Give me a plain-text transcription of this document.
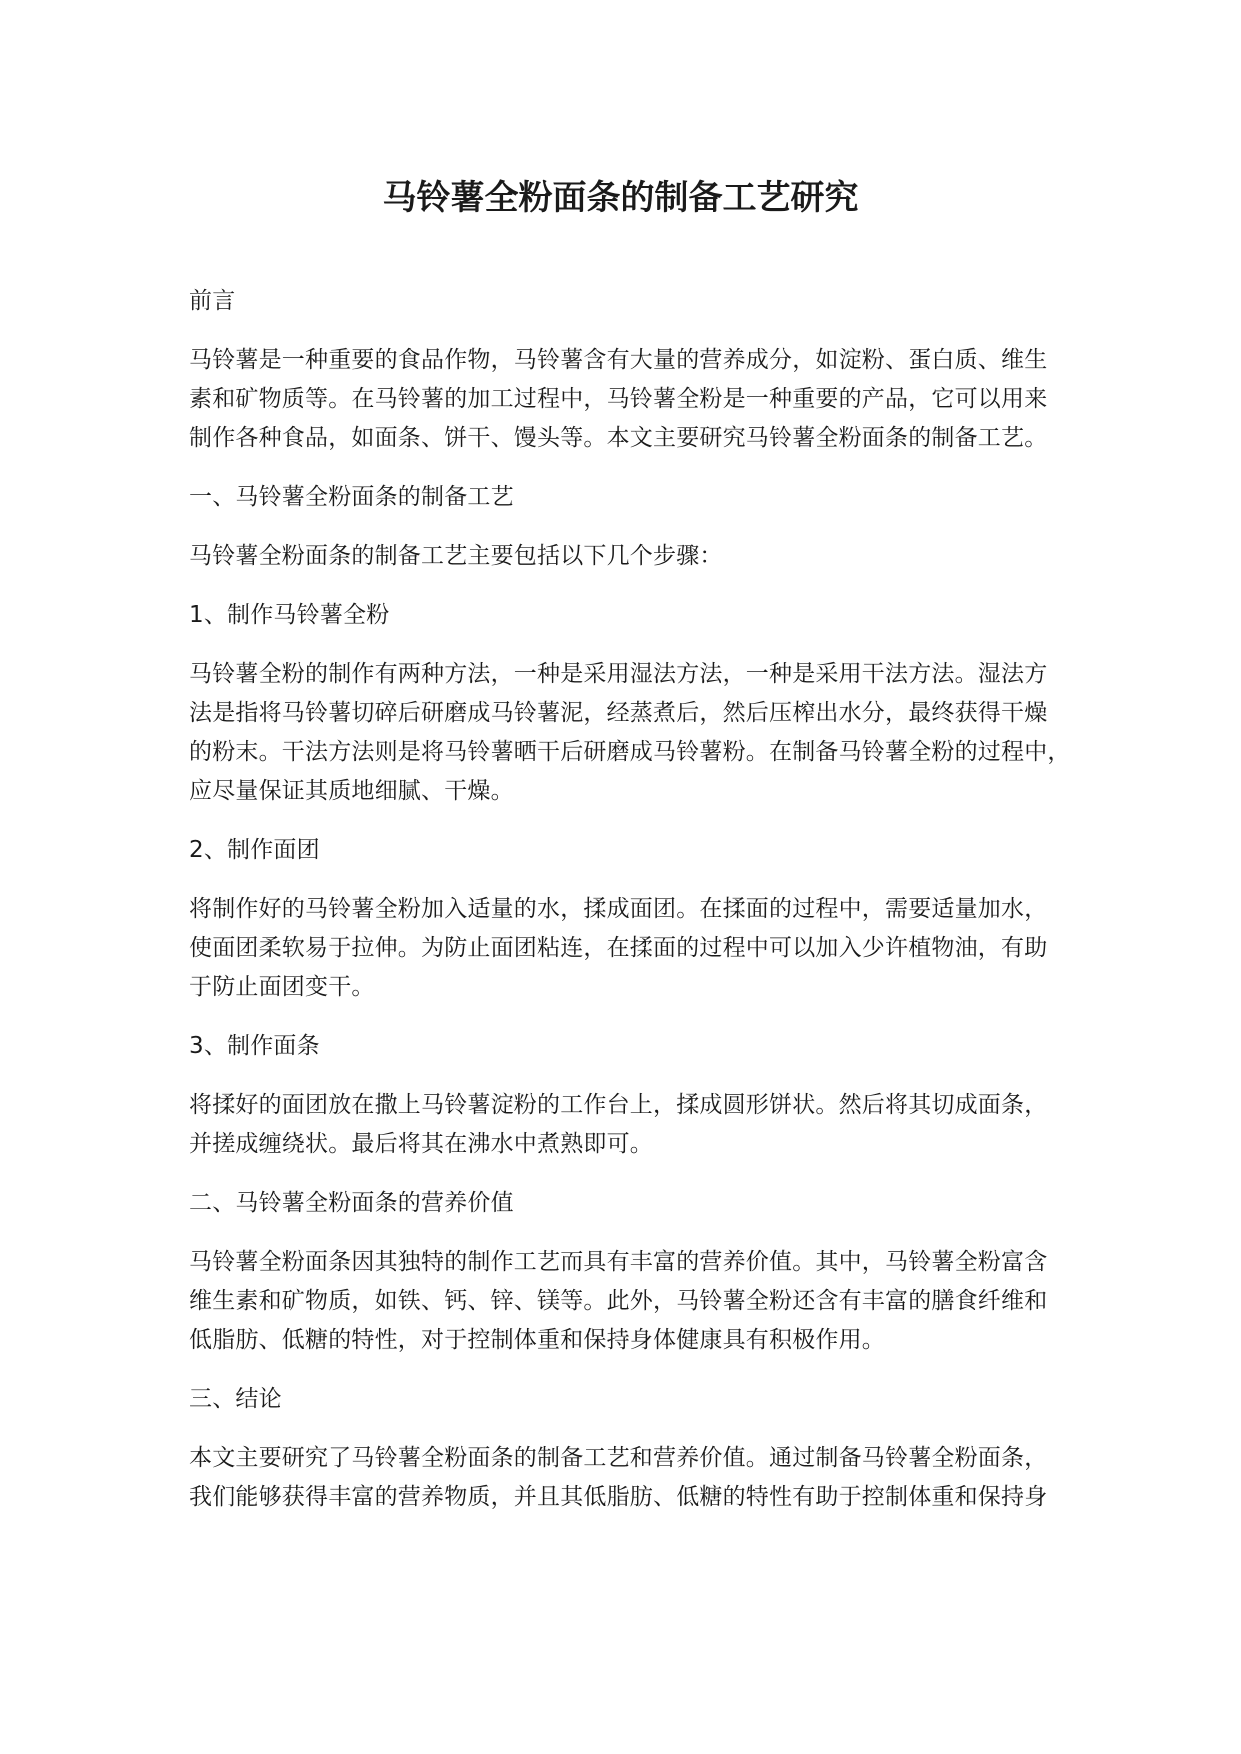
马铃薯全粉面条的制备工艺研究

前言

马铃薯是一种重要的食品作物，马铃薯含有大量的营养成分，如淀粉、蛋白质、维生
素和矿物质等。在马铃薯的加工过程中，马铃薯全粉是一种重要的产品，它可以用来
制作各种食品，如面条、饼干、馒头等。本文主要研究马铃薯全粉面条的制备工艺。

一、马铃薯全粉面条的制备工艺

马铃薯全粉面条的制备工艺主要包括以下几个步骤：

1、制作马铃薯全粉

马铃薯全粉的制作有两种方法，一种是采用湿法方法，一种是采用干法方法。湿法方
法是指将马铃薯切碎后研磨成马铃薯泥，经蒸煮后，然后压榨出水分，最终获得干燥
的粉末。干法方法则是将马铃薯晒干后研磨成马铃薯粉。在制备马铃薯全粉的过程中，
应尽量保证其质地细腻、干燥。

2、制作面团

将制作好的马铃薯全粉加入适量的水，揉成面团。在揉面的过程中，需要适量加水，
使面团柔软易于拉伸。为防止面团粘连，在揉面的过程中可以加入少许植物油，有助
于防止面团变干。

3、制作面条

将揉好的面团放在撒上马铃薯淀粉的工作台上，揉成圆形饼状。然后将其切成面条，
并搓成缠绕状。最后将其在沸水中煮熟即可。

二、马铃薯全粉面条的营养价值

马铃薯全粉面条因其独特的制作工艺而具有丰富的营养价值。其中，马铃薯全粉富含
维生素和矿物质，如铁、钙、锌、镁等。此外，马铃薯全粉还含有丰富的膳食纤维和
低脂肪、低糖的特性，对于控制体重和保持身体健康具有积极作用。

三、结论

本文主要研究了马铃薯全粉面条的制备工艺和营养价值。通过制备马铃薯全粉面条，
我们能够获得丰富的营养物质，并且其低脂肪、低糖的特性有助于控制体重和保持身
